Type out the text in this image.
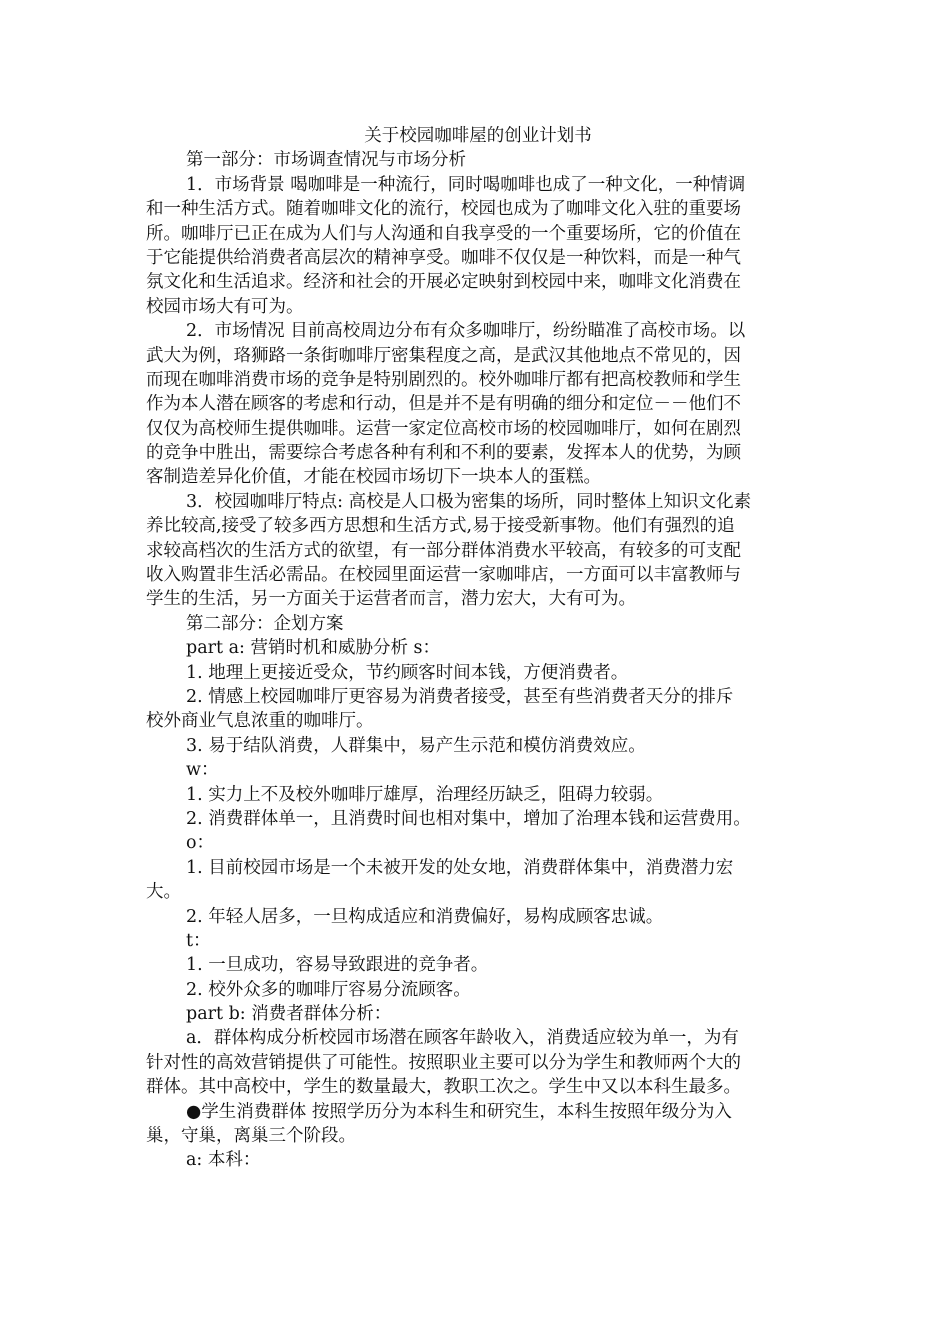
关于校园咖啡屋的创业计划书
第一部分：市场调查情况与市场分析
1．市场背景 喝咖啡是一种流行，同时喝咖啡也成了一种文化，一种情调
和一种生活方式。随着咖啡文化的流行，校园也成为了咖啡文化入驻的重要场
所。咖啡厅已正在成为人们与人沟通和自我享受的一个重要场所，它的价值在
于它能提供给消费者高层次的精神享受。咖啡不仅仅是一种饮料，而是一种气
氛文化和生活追求。经济和社会的开展必定映射到校园中来，咖啡文化消费在
校园市场大有可为。
2．市场情况 目前高校周边分布有众多咖啡厅，纷纷瞄准了高校市场。以
武大为例，珞狮路一条街咖啡厅密集程度之高，是武汉其他地点不常见的，因
而现在咖啡消费市场的竞争是特别剧烈的。校外咖啡厅都有把高校教师和学生
作为本人潜在顾客的考虑和行动，但是并不是有明确的细分和定位－－他们不
仅仅为高校师生提供咖啡。运营一家定位高校市场的校园咖啡厅，如何在剧烈
的竞争中胜出，需要综合考虑各种有利和不利的要素，发挥本人的优势，为顾
客制造差异化价值，才能在校园市场切下一块本人的蛋糕。
3．校园咖啡厅特点: 高校是人口极为密集的场所，同时整体上知识文化素
养比较高,接受了较多西方思想和生活方式,易于接受新事物。他们有强烈的追
求较高档次的生活方式的欲望，有一部分群体消费水平较高，有较多的可支配
收入购置非生活必需品。在校园里面运营一家咖啡店，一方面可以丰富教师与
学生的生活，另一方面关于运营者而言，潜力宏大，大有可为。
第二部分：企划方案
part a: 营销时机和威胁分析 s：
1. 地理上更接近受众，节约顾客时间本钱，方便消费者。
2. 情感上校园咖啡厅更容易为消费者接受，甚至有些消费者天分的排斥
校外商业气息浓重的咖啡厅。
3. 易于结队消费，人群集中，易产生示范和模仿消费效应。
w：
1. 实力上不及校外咖啡厅雄厚，治理经历缺乏，阻碍力较弱。
2. 消费群体单一，且消费时间也相对集中，增加了治理本钱和运营费用。
o：
1. 目前校园市场是一个未被开发的处女地，消费群体集中，消费潜力宏
大。
2. 年轻人居多，一旦构成适应和消费偏好，易构成顾客忠诚。
t：
1. 一旦成功，容易导致跟进的竞争者。
2. 校外众多的咖啡厅容易分流顾客。
part b: 消费者群体分析：
a．群体构成分析校园市场潜在顾客年龄收入，消费适应较为单一，为有
针对性的高效营销提供了可能性。按照职业主要可以分为学生和教师两个大的
群体。其中高校中，学生的数量最大，教职工次之。学生中又以本科生最多。
●学生消费群体 按照学历分为本科生和研究生，本科生按照年级分为入
巢，守巢，离巢三个阶段。
a: 本科：
